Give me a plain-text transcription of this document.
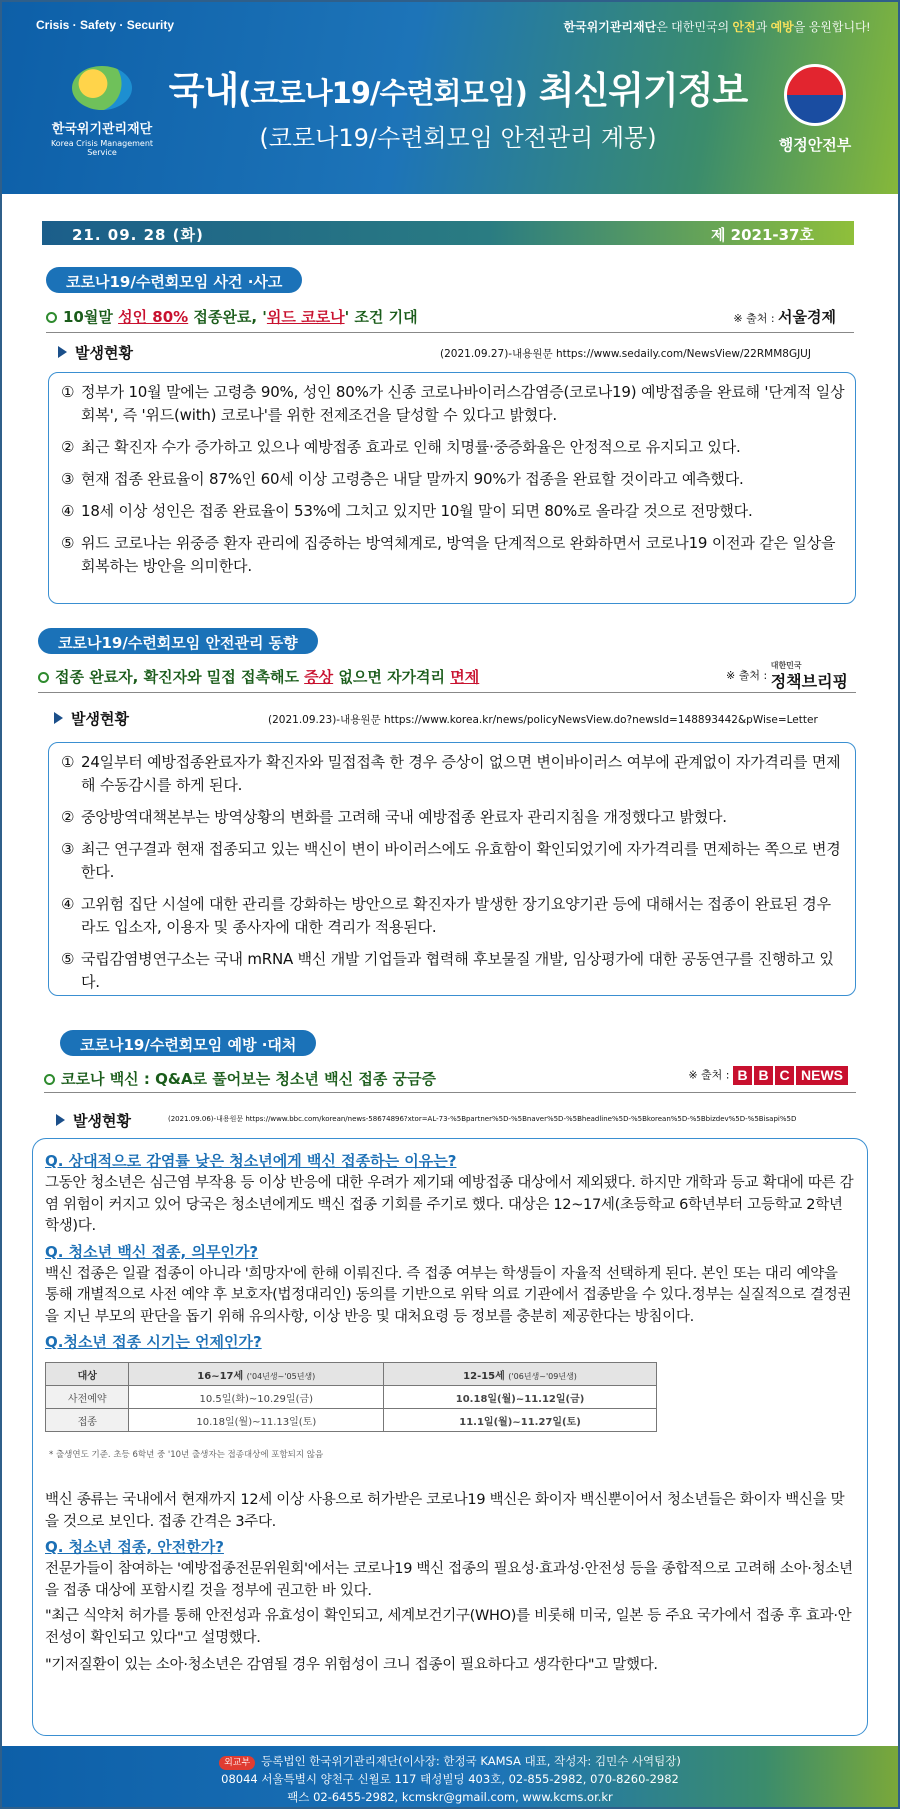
Crisis · Safety · Security	한국위기관리재단은 대한민국의 안전과 예방을 응원합니다!
한국위기관리재단
Korea Crisis Management Service
국내(코로나19/수련회모임) 최신위기정보
(코로나19/수련회모임 안전관리 계몽)	행정안전부
21. 09. 28 (화)	제 2021-37호
코로나19/수련회모임 사건 ·사고
10월말 성인 80% 접종완료, '위드 코로나' 조건 기대	※ 출처 : 서울경제
발생현황	(2021.09.27)-내용원문 https://www.sedaily.com/NewsView/22RMM8GJUJ
① 정부가 10월 말에는 고령층 90%, 성인 80%가 신종 코로나바이러스감염증(코로나19) 예방접종을 완료해 '단계적 일상회복', 즉 '위드(with) 코로나'를 위한 전제조건을 달성할 수 있다고 밝혔다.
② 최근 확진자 수가 증가하고 있으나 예방접종 효과로 인해 치명률·중증화율은 안정적으로 유지되고 있다.
③ 현재 접종 완료율이 87%인 60세 이상 고령층은 내달 말까지 90%가 접종을 완료할 것이라고 예측했다.
④ 18세 이상 성인은 접종 완료율이 53%에 그치고 있지만 10월 말이 되면 80%로 올라갈 것으로 전망했다.
⑤ 위드 코로나는 위중증 환자 관리에 집중하는 방역체계로, 방역을 단계적으로 완화하면서 코로나19 이전과 같은 일상을 회복하는 방안을 의미한다.
코로나19/수련회모임 안전관리 동향
접종 완료자, 확진자와 밀접 접촉해도 증상 없으면 자가격리 면제	※ 출처 :
대한민국
정책브리핑
발생현황	(2021.09.23)-내용원문 https://www.korea.kr/news/policyNewsView.do?newsId=148893442&pWise=Letter
① 24일부터 예방접종완료자가 확진자와 밀접접촉 한 경우 증상이 없으면 변이바이러스 여부에 관계없이 자가격리를 면제해 수동감시를 하게 된다.
② 중앙방역대책본부는 방역상황의 변화를 고려해 국내 예방접종 완료자 관리지침을 개정했다고 밝혔다.
③ 최근 연구결과 현재 접종되고 있는 백신이 변이 바이러스에도 유효함이 확인되었기에 자가격리를 면제하는 쪽으로 변경한다.
④ 고위험 집단 시설에 대한 관리를 강화하는 방안으로 확진자가 발생한 장기요양기관 등에 대해서는 접종이 완료된 경우라도 입소자, 이용자 및 종사자에 대한 격리가 적용된다.
⑤ 국립감염병연구소는 국내 mRNA 백신 개발 기업들과 협력해 후보물질 개발, 임상평가에 대한 공동연구를 진행하고 있다.
코로나19/수련회모임 예방 ·대처
코로나 백신 : Q&A로 풀어보는 청소년 백신 접종 궁금증	※ 출처 : B B C NEWS
발생현황	(2021.09.06)-내용원문 https://www.bbc.com/korean/news-58674896?xtor=AL-73-%5Bpartner%5D-%5Bnaver%5D-%5Bheadline%5D-%5Bkorean%5D-%5Bbizdev%5D-%5Bisapi%5D
Q. 상대적으로 감염률 낮은 청소년에게 백신 접종하는 이유는?
그동안 청소년은 심근염 부작용 등 이상 반응에 대한 우려가 제기돼 예방접종 대상에서 제외됐다. 하지만 개학과 등교 확대에 따른 감염 위험이 커지고 있어 당국은 청소년에게도 백신 접종 기회를 주기로 했다. 대상은 12~17세(초등학교 6학년부터 고등학교 2학년 학생)다.
Q. 청소년 백신 접종, 의무인가?
백신 접종은 일괄 접종이 아니라 '희망자'에 한해 이뤄진다. 즉 접종 여부는 학생들이 자율적 선택하게 된다. 본인 또는 대리 예약을 통해 개별적으로 사전 예약 후 보호자(법정대리인) 동의를 기반으로 위탁 의료 기관에서 접종받을 수 있다.정부는 실질적으로 결정권을 지닌 부모의 판단을 돕기 위해 유의사항, 이상 반응 및 대처요령 등 정보를 충분히 제공한다는 방침이다.
Q.청소년 접종 시기는 언제인가?
대상	16~17세 ('04년생~'05년생)	12-15세 ('06년생~'09년생)
사전예약	10.5일(화)~10.29일(금)	10.18일(월)~11.12일(금)
접종	10.18일(월)~11.13일(토)	11.1일(월)~11.27일(토)
* 출생연도 기준. 초등 6학년 중 '10년 출생자는 접종대상에 포함되지 않음
백신 종류는 국내에서 현재까지 12세 이상 사용으로 허가받은 코로나19 백신은 화이자 백신뿐이어서 청소년들은 화이자 백신을 맞을 것으로 보인다. 접종 간격은 3주다.
Q. 청소년 접종, 안전한가?
전문가들이 참여하는 '예방접종전문위원회'에서는 코로나19 백신 접종의 필요성·효과성·안전성 등을 종합적으로 고려해 소아·청소년을 접종 대상에 포함시킬 것을 정부에 권고한 바 있다.
"최근 식약처 허가를 통해 안전성과 유효성이 확인되고, 세계보건기구(WHO)를 비롯해 미국, 일본 등 주요 국가에서 접종 후 효과·안전성이 확인되고 있다"고 설명했다.
"기저질환이 있는 소아·청소년은 감염될 경우 위험성이 크니 접종이 필요하다고 생각한다"고 말했다.
외교부 등록법인 한국위기관리재단(이사장: 한정국 KAMSA 대표, 작성자: 김민수 사역팀장)
08044 서울특별시 양천구 신월로 117 태성빌딩 403호, 02-855-2982, 070-8260-2982
팩스 02-6455-2982, kcmskr@gmail.com, www.kcms.or.kr
